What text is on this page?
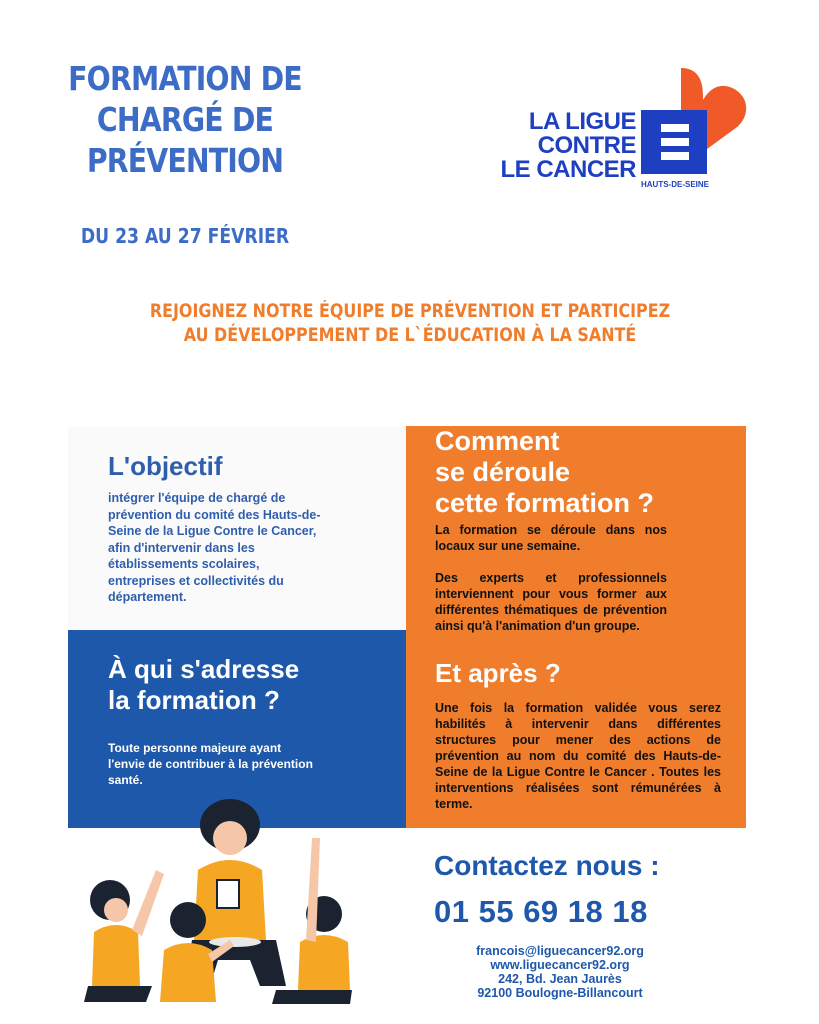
FORMATION DE
CHARGÉ DE
PRÉVENTION
DU 23 AU 27 FÉVRIER
LA LIGUE
CONTRE
LE CANCER
HAUTS-DE-SEINE
REJOIGNEZ NOTRE ÉQUIPE DE PRÉVENTION ET PARTICIPEZ
AU DÉVELOPPEMENT DE L`ÉDUCATION À LA SANTÉ
L'objectif
intégrer l'équipe de chargé de prévention du comité des Hauts-de-Seine de la Ligue Contre le Cancer, afin d'intervenir dans les établissements scolaires, entreprises et collectivités du département.
Comment
se déroule
cette formation ?

La formation se déroule dans nos locaux sur une semaine.

Des experts et professionnels interviennent pour vous former aux différentes thématiques de prévention ainsi qu'à l'animation d'un groupe.

Et après ?
Une fois la formation validée vous serez habilités à intervenir dans différentes structures pour mener des actions de prévention au nom du comité des Hauts-de-Seine de la Ligue Contre le Cancer . Toutes les interventions réalisées sont rémunérées à terme.
À qui s'adresse
la formation ?
Toute personne majeure ayant l'envie de contribuer à la prévention santé.
Contactez nous :
01 55 69 18 18
francois@liguecancer92.org
www.liguecancer92.org
242, Bd. Jean Jaurès
92100 Boulogne-Billancourt
